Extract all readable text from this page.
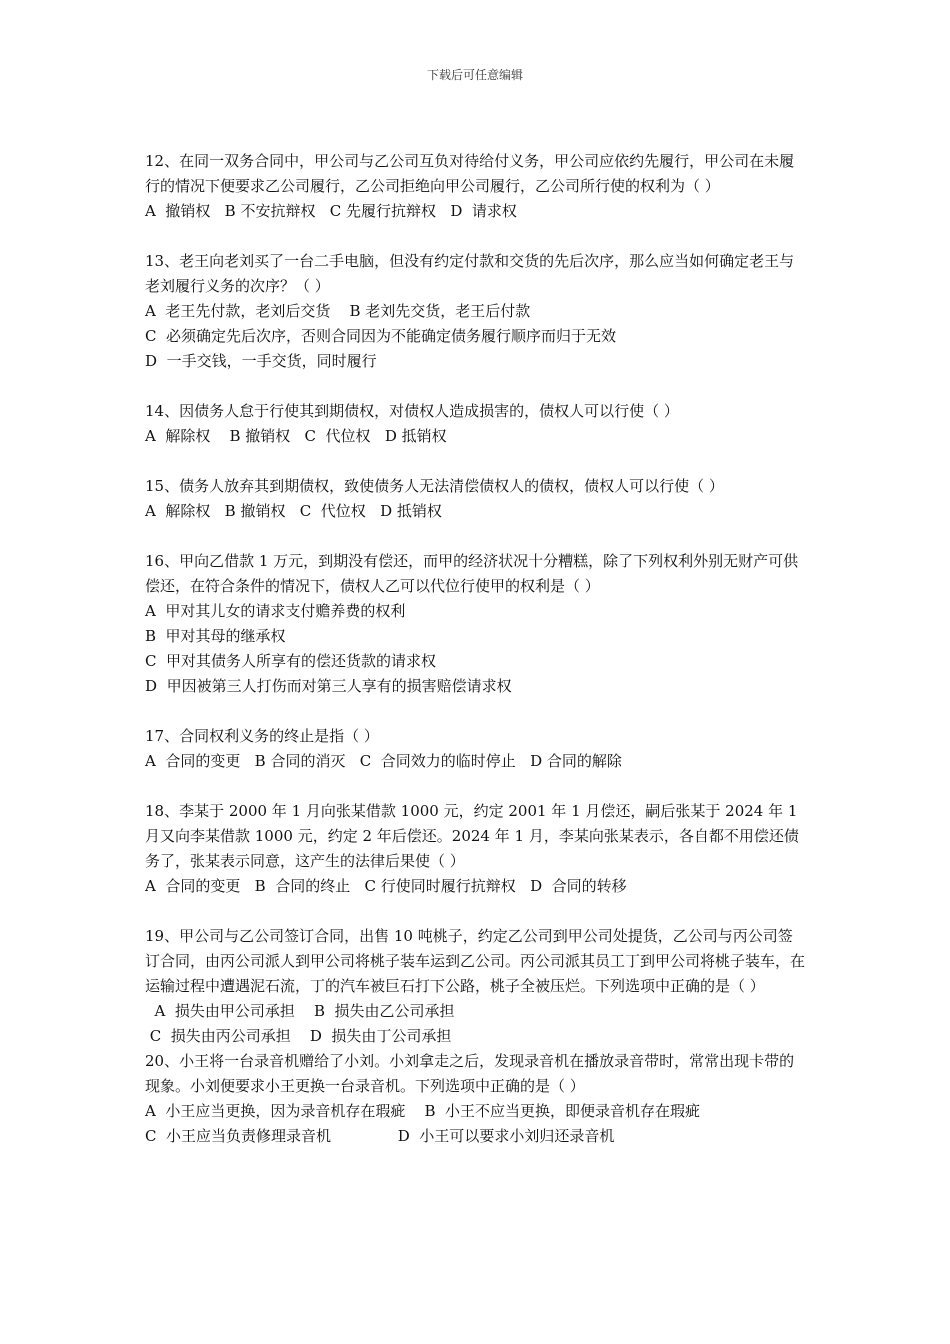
下载后可任意编辑

12、在同一双务合同中，甲公司与乙公司互负对待给付义务，甲公司应依约先履行，甲公司在未履行的情况下便要求乙公司履行，乙公司拒绝向甲公司履行，乙公司所行使的权利为（ ）

A  撤销权   B 不安抗辩权   C 先履行抗辩权   D  请求权

13、老王向老刘买了一台二手电脑，但没有约定付款和交货的先后次序，那么应当如何确定老王与老刘履行义务的次序？（ ）

A  老王先付款，老刘后交货    B 老刘先交货，老王后付款

C  必须确定先后次序，否则合同因为不能确定债务履行顺序而归于无效

D  一手交钱，一手交货，同时履行

14、因债务人怠于行使其到期债权，对债权人造成损害的，债权人可以行使（ ）

A  解除权    B 撤销权   C  代位权   D 抵销权

15、债务人放弃其到期债权，致使债务人无法清偿债权人的债权，债权人可以行使（ ）

A  解除权   B 撤销权   C  代位权   D 抵销权

16、甲向乙借款 1 万元，到期没有偿还，而甲的经济状况十分糟糕，除了下列权利外别无财产可供偿还，在符合条件的情况下，债权人乙可以代位行使甲的权利是（ ）

A  甲对其儿女的请求支付赡养费的权利

B  甲对其母的继承权

C  甲对其债务人所享有的偿还货款的请求权

D  甲因被第三人打伤而对第三人享有的损害赔偿请求权

17、合同权利义务的终止是指（ ）

A  合同的变更   B 合同的消灭   C  合同效力的临时停止   D 合同的解除

18、李某于 2000 年 1 月向张某借款 1000 元，约定 2001 年 1 月偿还，嗣后张某于 2024 年 1 月又向李某借款 1000 元，约定 2 年后偿还。2024 年 1 月，李某向张某表示，各自都不用偿还债务了，张某表示同意，这产生的法律后果使（ ）

A  合同的变更   B  合同的终止   C 行使同时履行抗辩权   D  合同的转移

19、甲公司与乙公司签订合同，出售 10 吨桃子，约定乙公司到甲公司处提货，乙公司与丙公司签订合同，由丙公司派人到甲公司将桃子装车运到乙公司。丙公司派其员工丁到甲公司将桃子装车，在运输过程中遭遇泥石流，丁的汽车被巨石打下公路，桃子全被压烂。下列选项中正确的是（ ）

A  损失由甲公司承担    B  损失由乙公司承担

C  损失由丙公司承担    D  损失由丁公司承担

20、小王将一台录音机赠给了小刘。小刘拿走之后，发现录音机在播放录音带时，常常出现卡带的现象。小刘便要求小王更换一台录音机。下列选项中正确的是（ ）

A  小王应当更换，因为录音机存在瑕疵    B  小王不应当更换，即便录音机存在瑕疵

C  小王应当负责修理录音机              D  小王可以要求小刘归还录音机
